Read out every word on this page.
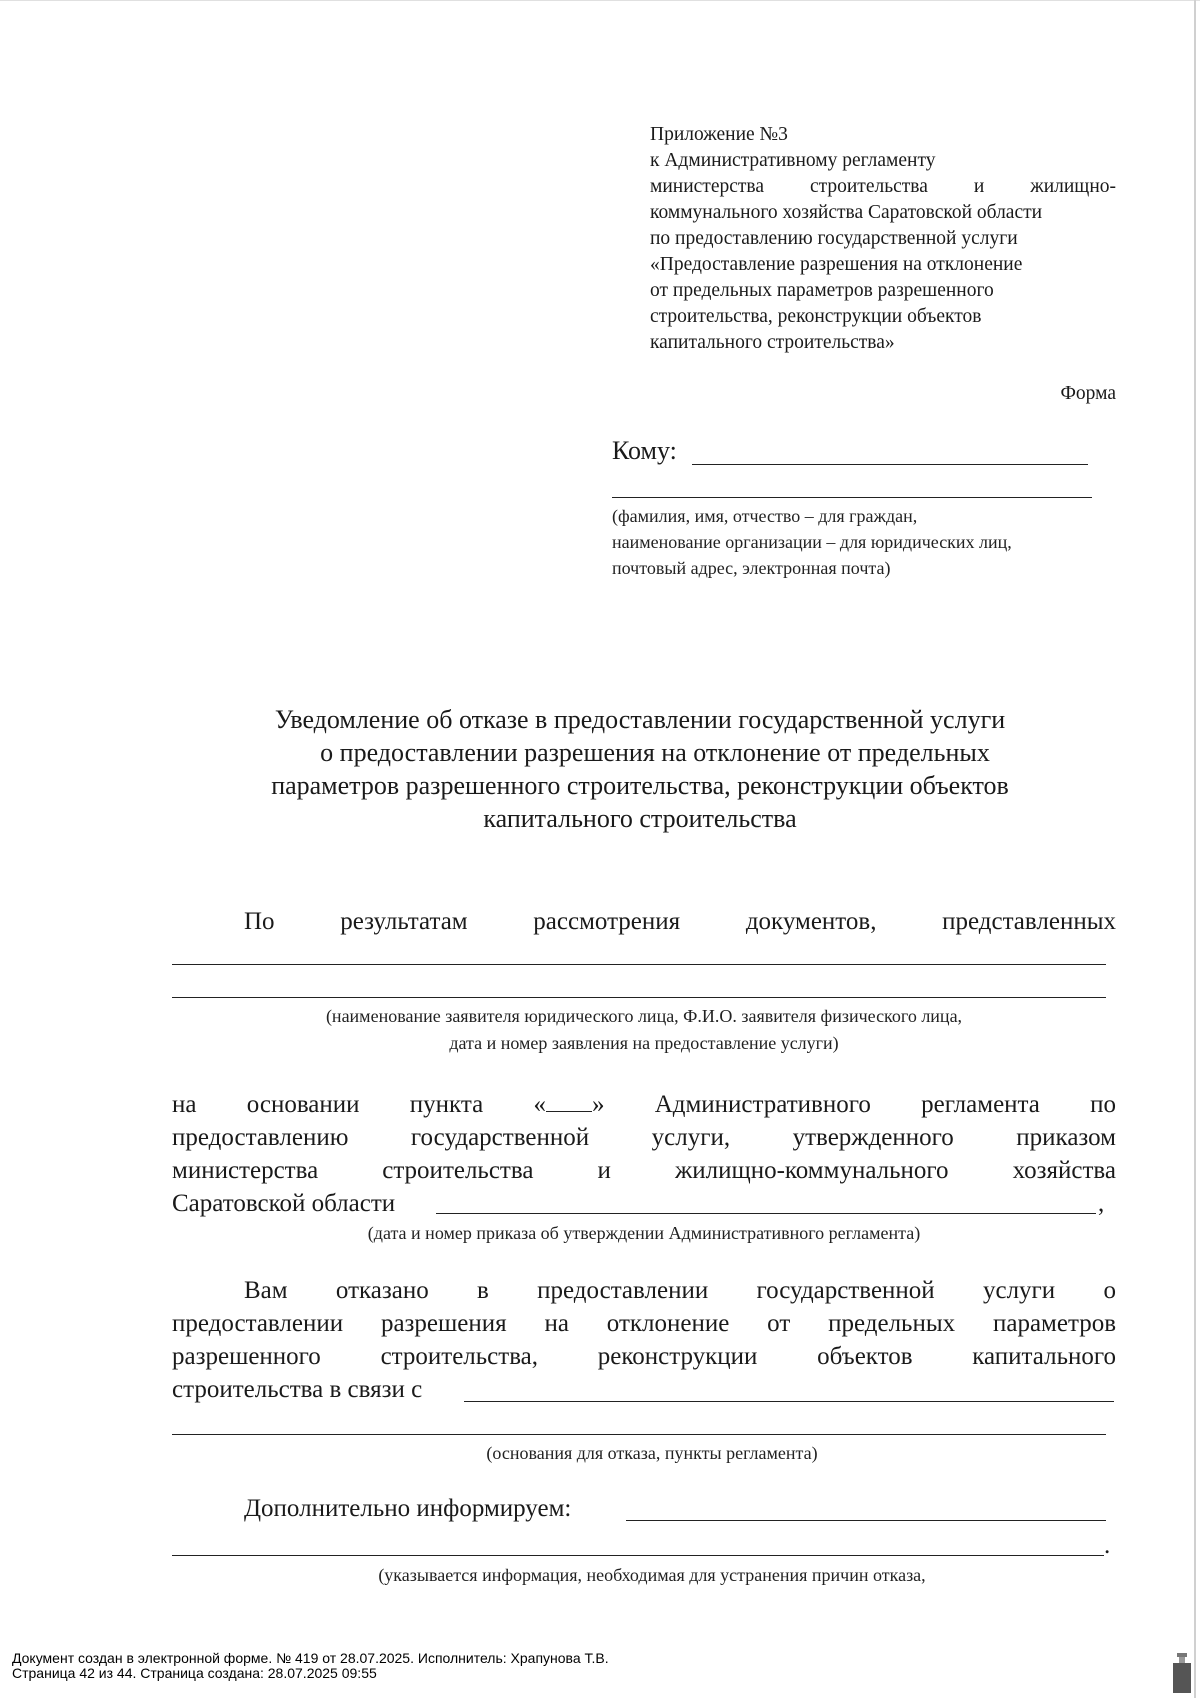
Приложение №3
к Административному регламенту
министерства строительства и жилищно-
коммунального хозяйства Саратовской области
по предоставлению государственной услуги
«Предоставление разрешения на отклонение
от предельных параметров разрешенного
строительства, реконструкции объектов
капитального строительства»
Форма
Кому:
(фамилия, имя, отчество – для граждан,
наименование организации – для юридических лиц,
почтовый адрес, электронная почта)
Уведомление об отказе в предоставлении государственной услуги
о предоставлении разрешения на отклонение от предельных
параметров разрешенного строительства, реконструкции объектов
капитального строительства
По результатам рассмотрения документов, представленных
(наименование заявителя юридического лица, Ф.И.О. заявителя физического лица,
дата и номер заявления на предоставление услуги)
на основании пункта « » Административного регламента по
предоставлению государственной услуги, утвержденного приказом
министерства строительства и жилищно-коммунального хозяйства
Саратовской области	,
(дата и номер приказа об утверждении Административного регламента)
Вам отказано в предоставлении государственной услуги о
предоставлении разрешения на отклонение от предельных параметров
разрешенного строительства, реконструкции объектов капитального
строительства в связи с
(основания для отказа, пункты регламента)
Дополнительно информируем:
.
(указывается информация, необходимая для устранения причин отказа,
Документ создан в электронной форме. № 419 от 28.07.2025. Исполнитель: Храпунова Т.В.
Страница 42 из 44. Страница создана: 28.07.2025 09:55
